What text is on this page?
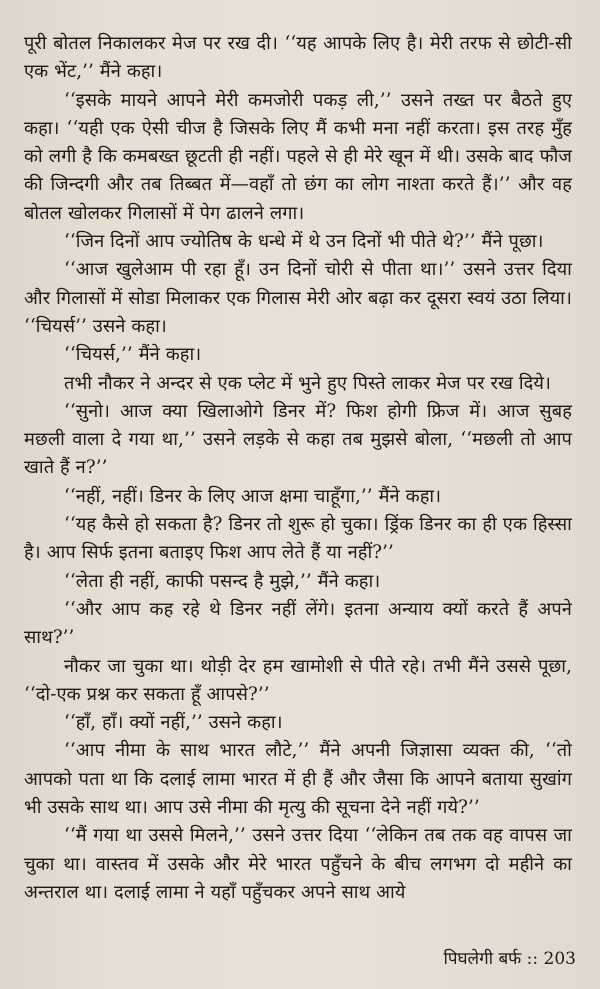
पूरी बोतल निकालकर मेज पर रख दी। ‘‘यह आपके लिए है। मेरी तरफ से छोटी-सी एक भेंट,’’ मैंने कहा।

‘‘इसके मायने आपने मेरी कमजोरी पकड़ ली,’’ उसने तख्त पर बैठते हुए कहा। ‘‘यही एक ऐसी चीज है जिसके लिए मैं कभी मना नहीं करता। इस तरह मुँह को लगी है कि कमबख्त छूटती ही नहीं। पहले से ही मेरे खून में थी। उसके बाद फौज की जिन्दगी और तब तिब्बत में—वहाँ तो छंग का लोग नाश्ता करते हैं।’’ और वह बोतल खोलकर गिलासों में पेग ढालने लगा।

‘‘जिन दिनों आप ज्योतिष के धन्धे में थे उन दिनों भी पीते थे?’’ मैंने पूछा।

‘‘आज खुलेआम पी रहा हूँ। उन दिनों चोरी से पीता था।’’ उसने उत्तर दिया और गिलासों में सोडा मिलाकर एक गिलास मेरी ओर बढ़ा कर दूसरा स्वयं उठा लिया। ‘‘चियर्स’’ उसने कहा।

‘‘चियर्स,’’ मैंने कहा।

तभी नौकर ने अन्दर से एक प्लेट में भुने हुए पिस्ते लाकर मेज पर रख दिये।

‘‘सुनो। आज क्या खिलाओगे डिनर में? फिश होगी फ्रिज में। आज सुबह मछली वाला दे गया था,’’ उसने लड़के से कहा तब मुझसे बोला, ‘‘मछली तो आप खाते हैं न?’’

‘‘नहीं, नहीं। डिनर के लिए आज क्षमा चाहूँगा,’’ मैंने कहा।

‘‘यह कैसे हो सकता है? डिनर तो शुरू हो चुका। ड्रिंक डिनर का ही एक हिस्सा है। आप सिर्फ इतना बताइए फिश आप लेते हैं या नहीं?’’

‘‘लेता ही नहीं, काफी पसन्द है मुझे,’’ मैंने कहा।

‘‘और आप कह रहे थे डिनर नहीं लेंगे। इतना अन्याय क्यों करते हैं अपने साथ?’’

नौकर जा चुका था। थोड़ी देर हम खामोशी से पीते रहे। तभी मैंने उससे पूछा, ‘‘दो-एक प्रश्न कर सकता हूँ आपसे?’’

‘‘हाँ, हाँ। क्यों नहीं,’’ उसने कहा।

‘‘आप नीमा के साथ भारत लौटे,’’ मैंने अपनी जिज्ञासा व्यक्त की, ‘‘तो आपको पता था कि दलाई लामा भारत में ही हैं और जैसा कि आपने बताया सुखांग भी उसके साथ था। आप उसे नीमा की मृत्यु की सूचना देने नहीं गये?’’

‘‘मैं गया था उससे मिलने,’’ उसने उत्तर दिया ‘‘लेकिन तब तक वह वापस जा चुका था। वास्तव में उसके और मेरे भारत पहुँचने के बीच लगभग दो महीने का अन्तराल था। दलाई लामा ने यहाँ पहुँचकर अपने साथ आये

पिघलेगी बर्फ :: 203
